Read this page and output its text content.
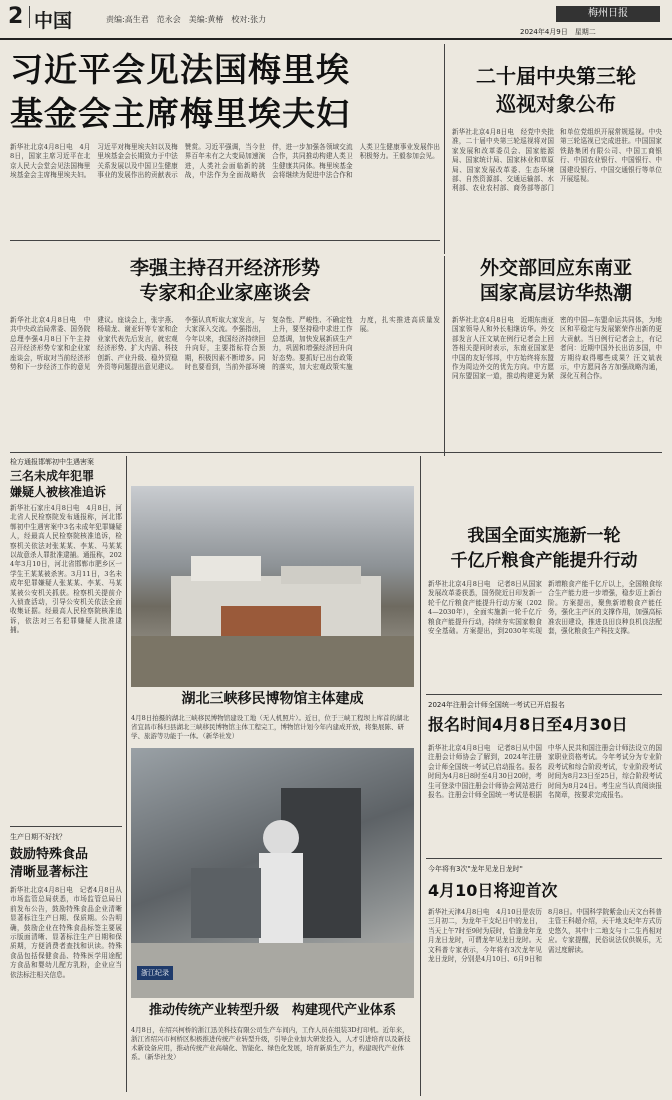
2 中国	责编:高生君　范永会　美编:黄椿　校对:张力
梅州日报
2024年4月9日　星期二
习近平会见法国梅里埃
基金会主席梅里埃夫妇
新华社北京4月8日电　4月8日，国家主席习近平在北京人民大会堂会见法国梅里埃基金会主席梅里埃夫妇。习近平对梅里埃夫妇以及梅里埃基金会长期致力于中法关系发展以及中国卫生健康事业的发展作出的贡献表示赞赏。习近平强调，当今世界百年未有之大变局加速演进，人类社会面临新的挑战，中法作为全面战略伙伴，进一步加强各领域交流合作，共同推动构建人类卫生健康共同体。梅里埃基金会将继续为促进中法合作和人类卫生健康事业发展作出积极努力。王毅参加会见。
二十届中央第三轮
巡视对象公布
新华社北京4月8日电　经党中央批准，二十届中央第三轮巡视将对国家发展和改革委员会、国家能源局、国家统计局、国家林业和草原局、国家发展改革委、生态环境部、自然资源部、交通运输部、水利部、农业农村部、商务部等部门和单位党组织开展常规巡视。中央第三轮巡视已完成进驻。中国国家铁路集团有限公司、中国工商银行、中国农业银行、中国银行、中国建设银行、中国交通银行等单位开展巡视。
李强主持召开经济形势
专家和企业家座谈会
新华社北京4月8日电　中共中央政治局常委、国务院总理李强4月8日下午主持召开经济形势专家和企业家座谈会，听取对当前经济形势和下一步经济工作的意见建议。座谈会上，张宇燕、杨瑞龙、谢亚轩等专家和企业家代表先后发言，就宏观经济形势、扩大内需、科技创新、产业升级、稳外贸稳外资等问题提出意见建议。李强认真听取大家发言，与大家深入交流。李强指出，今年以来，我国经济持续回升向好，主要指标符合预期，积极因素不断增多。同时也要看到，当前外部环境复杂性、严峻性、不确定性上升，要坚持稳中求进工作总基调，加快发展新质生产力，巩固和增强经济回升向好态势。要抓好已出台政策的落实，加大宏观政策实施力度，扎实推进高质量发展。
外交部回应东南亚
国家高层访华热潮
新华社北京4月8日电　近期东南亚国家领导人和外长相继访华。外交部发言人汪文斌在例行记者会上回答相关提问时表示，东南亚国家是中国的友好邻邦，中方始终将东盟作为周边外交的优先方向。中方愿同东盟国家一道，推动构建更为紧密的中国—东盟命运共同体，为地区和平稳定与发展繁荣作出新的更大贡献。当日例行记者会上，有记者问：近期中国外长出访多国，中方期待取得哪些成果？汪文斌表示，中方愿同各方加强战略沟通，深化互利合作。
检方通报邯郸初中生遇害案
三名未成年犯罪
嫌疑人被核准追诉
新华社石家庄4月8日电　4月8日，河北省人民检察院发布通报称，河北邯郸初中生遇害案中3名未成年犯罪嫌疑人，经最高人民检察院核准追诉，检察机关依法对张某某、李某、马某某以故意杀人罪批准逮捕。通报称，2024年3月10日，河北省邯郸市肥乡区一学生王某某被杀害。3月11日，3名未成年犯罪嫌疑人张某某、李某、马某某被公安机关抓获。检察机关提前介入侦查活动，引导公安机关依法全面收集证据。经最高人民检察院核准追诉，依法对三名犯罪嫌疑人批准逮捕。
生产日期不好找？
鼓励特殊食品
清晰显著标注
新华社北京4月8日电　记者4月8日从市场监管总局获悉，市场监管总局日前发布公告，鼓励特殊食品企业清晰显著标注生产日期、保质期。公告明确，鼓励企业在特殊食品标签主要展示版面清晰、显著标注生产日期和保质期，方便消费者查找和识读。特殊食品包括保健食品、特殊医学用途配方食品和婴幼儿配方乳粉，企业应当依法标注相关信息。
湖北三峡移民博物馆主体建成
4月8日拍摄的湖北三峡移民博物馆建设工地（无人机照片）。近日，位于三峡工程坝上库首的湖北省宜昌市秭归县湖北三峡移民博物馆主体工程完工，博物馆计划今年内建成开放，将集展陈、研学、旅游等功能于一体。（新华社发）
我国全面实施新一轮
千亿斤粮食产能提升行动
新华社北京4月8日电　记者8日从国家发展改革委获悉，国务院近日印发新一轮千亿斤粮食产能提升行动方案（2024—2030年），全面实施新一轮千亿斤粮食产能提升行动，持续夯实国家粮食安全基础。方案提出，到2030年实现新增粮食产能千亿斤以上，全国粮食综合生产能力进一步增强，稳步迈上新台阶。方案提出，聚焦新增粮食产能任务，强化主产区的支撑作用，加强高标准农田建设，推进良田良种良机良法配套，强化粮食生产科技支撑。
2024年注册会计师全国统一考试已开启报名
报名时间4月8日至4月30日
新华社北京4月8日电　记者8日从中国注册会计师协会了解到，2024年注册会计师全国统一考试已启动报名。报名时间为4月8日8时至4月30日20时，考生可登录中国注册会计师协会网站进行报名。注册会计师全国统一考试是根据中华人民共和国注册会计师法设立的国家职业资格考试。今年考试分为专业阶段考试和综合阶段考试，专业阶段考试时间为8月23日至25日，综合阶段考试时间为8月24日。考生应当认真阅读报名简章，按要求完成报名。
今年将有3次"龙年见龙日龙时"
4月10日将迎首次
新华社天津4月8日电　4月10日是农历三月初二，为龙年干支纪日中的龙日，当天上午7时至9时为辰时，恰逢龙年龙月龙日龙时，可谓龙年见龙日龙时。天文科普专家表示，今年将有3次龙年见龙日龙时，分别是4月10日、6月9日和8月8日。中国科学院紫金山天文台科普主管王科超介绍，天干地支纪年方式历史悠久，其中十二地支与十二生肖相对应。专家提醒，民俗说法仅供娱乐，无需过度解读。
浙江纪录
推动传统产业转型升级　构建现代产业体系
4月8日，在绍兴柯桥的浙江迅美科技有限公司生产车间内，工作人员在组装3D打印机。近年来，浙江省绍兴市柯桥区积极推进传统产业转型升级，引导企业加大研发投入，人才引进培育以及新技术新设备应用，推动传统产业高端化、智能化、绿色化发展，培育新质生产力，构建现代产业体系。（新华社发）
